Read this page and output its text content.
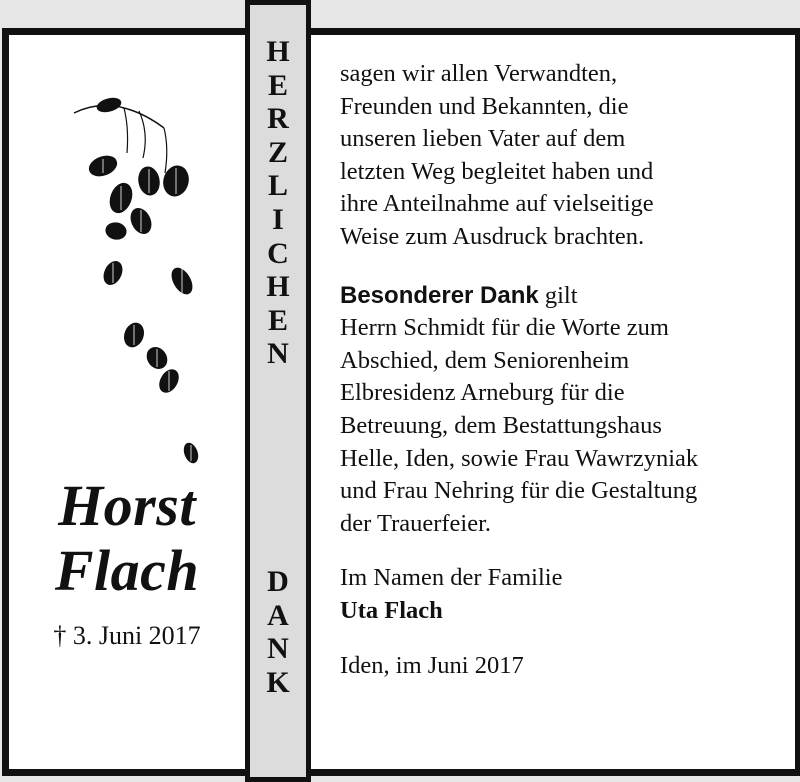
Horst
Flach
† 3. Juni 2017
H
E
R
Z
L
I
C
H
E
N
D
A
N
K

sagen wir allen Verwandten,

Freunden und Bekannten, die

unseren lieben Vater auf dem

letzten Weg begleitet haben und

ihre Anteilnahme auf vielseitige

Weise zum Ausdruck brachten.

Besonderer Dank gilt

Herrn Schmidt für die Worte zum

Abschied, dem Seniorenheim

Elbresidenz Arneburg für die

Betreuung, dem Bestattungshaus

Helle, Iden, sowie Frau Wawrzyniak

und Frau Nehring für die Gestaltung

der Trauerfeier.

Im Namen der Familie

Uta Flach

Iden, im Juni 2017
